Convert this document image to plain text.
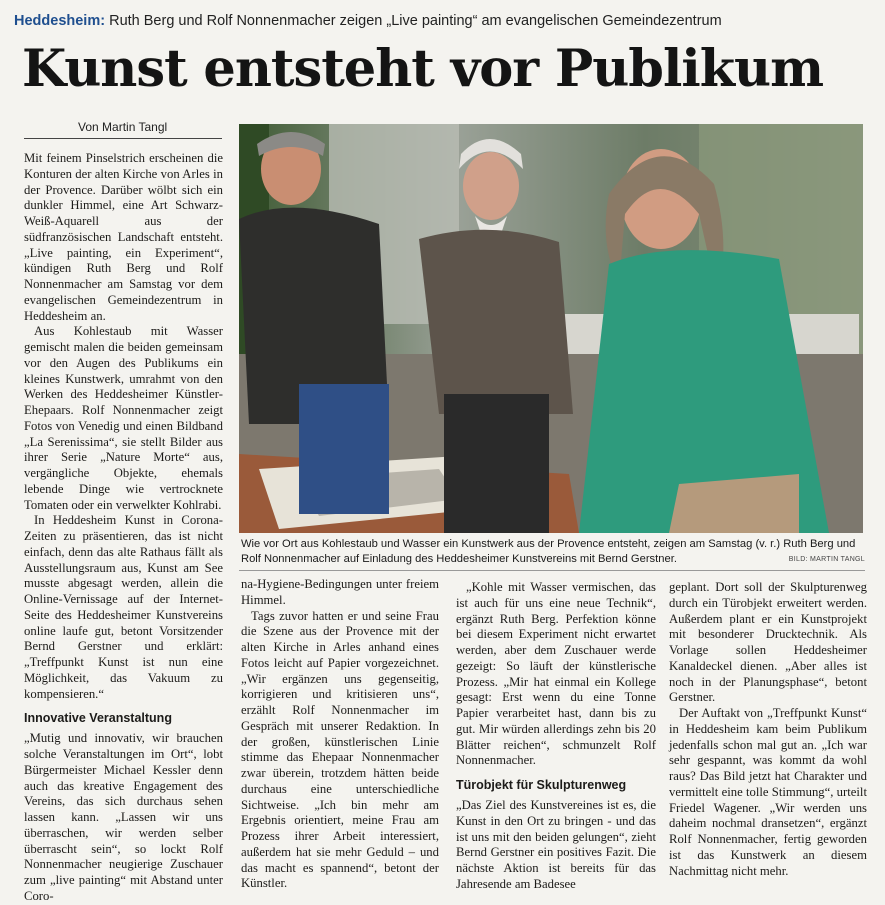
Heddesheim: Ruth Berg und Rolf Nonnenmacher zeigen „Live painting“ am evangelischen Gemeindezentrum
Kunst entsteht vor Publikum
Von Martin Tangl

Mit feinem Pinselstrich erscheinen die Konturen der alten Kirche von Arles in der Provence. Darüber wölbt sich ein dunkler Himmel, eine Art Schwarz-Weiß-Aquarell aus der südfranzösischen Landschaft entsteht. „Live painting, ein Experiment“, kündigen Ruth Berg und Rolf Nonnenmacher am Samstag vor dem evangelischen Gemeindezentrum in Heddesheim an.

Aus Kohlestaub mit Wasser gemischt malen die beiden gemeinsam vor den Augen des Publikums ein kleines Kunstwerk, umrahmt von den Werken des Heddesheimer Künstler-Ehepaars. Rolf Nonnenmacher zeigt Fotos von Venedig und einen Bildband „La Serenissima“, sie stellt Bilder aus ihrer Serie „Nature Morte“ aus, vergängliche Objekte, ehemals lebende Dinge wie vertrocknete Tomaten oder ein verwelkter Kohlrabi.

In Heddesheim Kunst in Corona-Zeiten zu präsentieren, das ist nicht einfach, denn das alte Rathaus fällt als Ausstellungsraum aus, Kunst am See musste abgesagt werden, allein die Online-Vernissage auf der Internet-Seite des Heddesheimer Kunstvereins online laufe gut, betont Vorsitzender Bernd Gerstner und erklärt: „Treffpunkt Kunst ist nun eine Möglichkeit, das Vakuum zu kompensieren.“

Innovative Veranstaltung

„Mutig und innovativ, wir brauchen solche Veranstaltungen im Ort“, lobt Bürgermeister Michael Kessler denn auch das kreative Engagement des Vereins, das sich durchaus sehen lassen kann. „Lassen wir uns überraschen, wir werden selber überrascht sein“, so lockt Rolf Nonnenmacher neugierige Zuschauer zum „live painting“ mit Abstand unter Coro-

Wie vor Ort aus Kohlestaub und Wasser ein Kunstwerk aus der Provence entsteht, zeigen am Samstag (v. r.) Ruth Berg und Rolf Nonnenmacher auf Einladung des Heddesheimer Kunstvereins mit Bernd Gerstner.	BILD: MARTIN TANGL

na-Hygiene-Bedingungen unter freiem Himmel.

Tags zuvor hatten er und seine Frau die Szene aus der Provence mit der alten Kirche in Arles anhand eines Fotos leicht auf Papier vorgezeichnet. „Wir ergänzen uns gegenseitig, korrigieren und kritisieren uns“, erzählt Rolf Nonnenmacher im Gespräch mit unserer Redaktion. In der großen, künstlerischen Linie stimme das Ehepaar Nonnenmacher zwar überein, trotzdem hätten beide durchaus eine unterschiedliche Sichtweise. „Ich bin mehr am Ergebnis orientiert, meine Frau am Prozess ihrer Arbeit interessiert, außerdem hat sie mehr Geduld – und das macht es spannend“, betont der Künstler.

„Kohle mit Wasser vermischen, das ist auch für uns eine neue Technik“, ergänzt Ruth Berg. Perfektion könne bei diesem Experiment nicht erwartet werden, aber dem Zuschauer werde gezeigt: So läuft der künstlerische Prozess. „Mir hat einmal ein Kollege gesagt: Erst wenn du eine Tonne Papier verarbeitet hast, dann bis zu gut. Mir würden allerdings zehn bis 20 Blätter reichen“, schmunzelt Rolf Nonnenmacher.

Türobjekt für Skulpturenweg

„Das Ziel des Kunstvereines ist es, die Kunst in den Ort zu bringen - und das ist uns mit den beiden gelungen“, zieht Bernd Gerstner ein positives Fazit. Die nächste Aktion ist bereits für das Jahresende am Badesee

geplant. Dort soll der Skulpturenweg durch ein Türobjekt erweitert werden. Außerdem plant er ein Kunstprojekt mit besonderer Drucktechnik. Als Vorlage sollen Heddesheimer Kanaldeckel dienen. „Aber alles ist noch in der Planungsphase“, betont Gerstner.

Der Auftakt von „Treffpunkt Kunst“ in Heddesheim kam beim Publikum jedenfalls schon mal gut an. „Ich war sehr gespannt, was kommt da wohl raus? Das Bild jetzt hat Charakter und vermittelt eine tolle Stimmung“, urteilt Friedel Wagener. „Wir werden uns daheim nochmal dransetzen“, ergänzt Rolf Nonnenmacher, fertig geworden ist das Kunstwerk an diesem Nachmittag nicht mehr.
